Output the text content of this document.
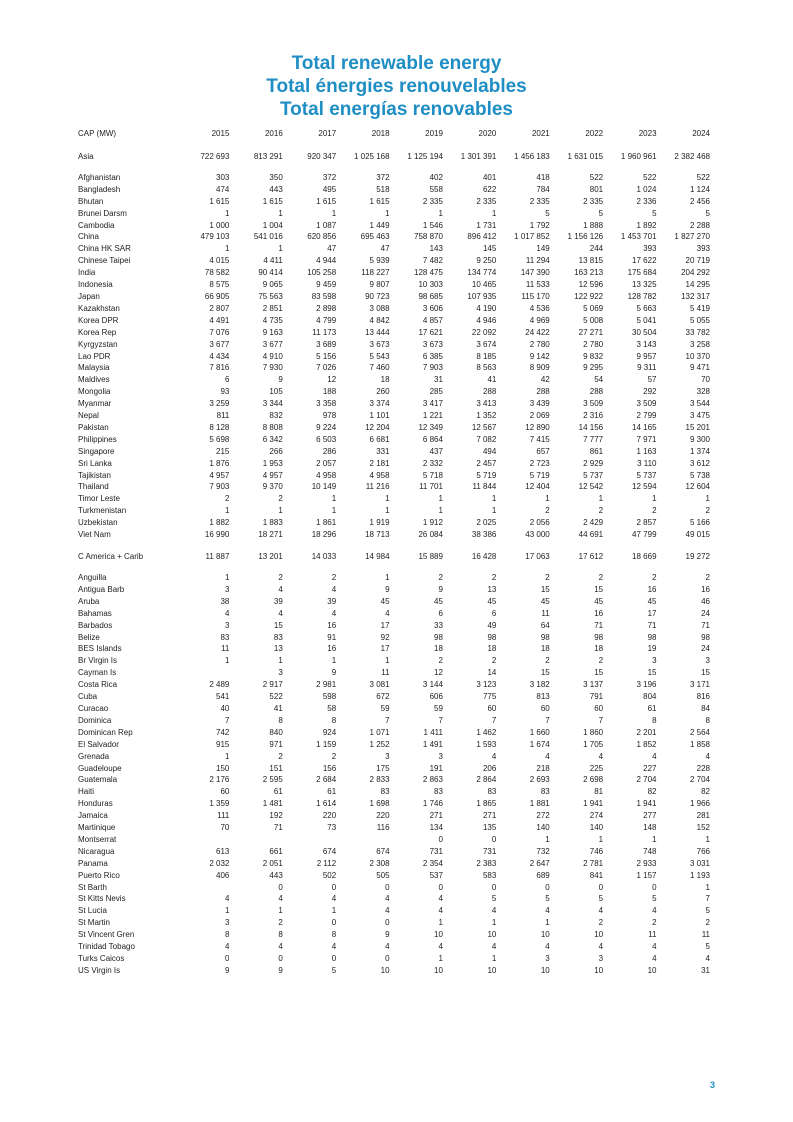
Total renewable energy
Total énergies renouvelables
Total energías renovables
CAP (MW)	2015	2016	2017	2018	2019	2020	2021	2022	2023	2024
Asia	722 693	813 291	920 347	1 025 168	1 125 194	1 301 391	1 456 183	1 631 015	1 960 961	2 382 468

Afghanistan	303	350	372	372	402	401	418	522	522	522
Bangladesh	474	443	495	518	558	622	784	801	1 024	1 124
Bhutan	1 615	1 615	1 615	1 615	2 335	2 335	2 335	2 335	2 336	2 456
Brunei Darsm	1	1	1	1	1	1	5	5	5	5
Cambodia	1 000	1 004	1 087	1 449	1 546	1 731	1 792	1 888	1 892	2 288
China	479 103	541 016	620 856	695 463	758 870	896 412	1 017 852	1 156 126	1 453 701	1 827 270
China HK SAR	1	1	47	47	143	145	149	244	393	393
Chinese Taipei	4 015	4 411	4 944	5 939	7 482	9 250	11 294	13 815	17 622	20 719
India	78 582	90 414	105 258	118 227	128 475	134 774	147 390	163 213	175 684	204 292
Indonesia	8 575	9 065	9 459	9 807	10 303	10 465	11 533	12 596	13 325	14 295
Japan	66 905	75 563	83 598	90 723	98 685	107 935	115 170	122 922	128 782	132 317
Kazakhstan	2 807	2 851	2 898	3 088	3 606	4 190	4 536	5 069	5 663	5 419
Korea DPR	4 491	4 735	4 799	4 842	4 857	4 946	4 969	5 008	5 041	5 055
Korea Rep	7 076	9 163	11 173	13 444	17 621	22 092	24 422	27 271	30 504	33 782
Kyrgyzstan	3 677	3 677	3 689	3 673	3 673	3 674	2 780	2 780	3 143	3 258
Lao PDR	4 434	4 910	5 156	5 543	6 385	8 185	9 142	9 832	9 957	10 370
Malaysia	7 816	7 930	7 026	7 460	7 903	8 563	8 909	9 295	9 311	9 471
Maldives	6	9	12	18	31	41	42	54	57	70
Mongolia	93	105	188	260	285	288	288	288	292	328
Myanmar	3 259	3 344	3 358	3 374	3 417	3 413	3 439	3 509	3 509	3 544
Nepal	811	832	978	1 101	1 221	1 352	2 069	2 316	2 799	3 475
Pakistan	8 128	8 808	9 224	12 204	12 349	12 567	12 890	14 156	14 165	15 201
Philippines	5 698	6 342	6 503	6 681	6 864	7 082	7 415	7 777	7 971	9 300
Singapore	215	266	286	331	437	494	657	861	1 163	1 374
Sri Lanka	1 876	1 953	2 057	2 181	2 332	2 457	2 723	2 929	3 110	3 612
Tajikistan	4 957	4 957	4 958	4 958	5 718	5 719	5 719	5 737	5 737	5 738
Thailand	7 903	9 370	10 149	11 216	11 701	11 844	12 404	12 542	12 594	12 604
Timor Leste	2	2	1	1	1	1	1	1	1	1
Turkmenistan	1	1	1	1	1	1	2	2	2	2
Uzbekistan	1 882	1 883	1 861	1 919	1 912	2 025	2 056	2 429	2 857	5 166
Viet Nam	16 990	18 271	18 296	18 713	26 084	38 386	43 000	44 691	47 799	49 015

C America + Carib	11 887	13 201	14 033	14 984	15 889	16 428	17 063	17 612	18 669	19 272

Anguilla	1	2	2	1	2	2	2	2	2	2
Antigua Barb	3	4	4	9	9	13	15	15	16	16
Aruba	38	39	39	45	45	45	45	45	45	46
Bahamas	4	4	4	4	6	6	11	16	17	24
Barbados	3	15	16	17	33	49	64	71	71	71
Belize	83	83	91	92	98	98	98	98	98	98
BES Islands	11	13	16	17	18	18	18	18	19	24
Br Virgin Is	1	1	1	1	2	2	2	2	3	3
Cayman Is		3	9	11	12	14	15	15	15	15
Costa Rica	2 489	2 917	2 981	3 081	3 144	3 123	3 182	3 137	3 196	3 171
Cuba	541	522	598	672	606	775	813	791	804	816
Curacao	40	41	58	59	59	60	60	60	61	84
Dominica	7	8	8	7	7	7	7	7	8	8
Dominican Rep	742	840	924	1 071	1 411	1 462	1 660	1 860	2 201	2 564
El Salvador	915	971	1 159	1 252	1 491	1 593	1 674	1 705	1 852	1 858
Grenada	1	2	2	3	3	4	4	4	4	4
Guadeloupe	150	151	156	175	191	206	218	225	227	228
Guatemala	2 176	2 595	2 684	2 833	2 863	2 864	2 693	2 698	2 704	2 704
Haiti	60	61	61	83	83	83	83	81	82	82
Honduras	1 359	1 481	1 614	1 698	1 746	1 865	1 881	1 941	1 941	1 966
Jamaica	111	192	220	220	271	271	272	274	277	281
Martinique	70	71	73	116	134	135	140	140	148	152
Montserrat					0	0	1	1	1	1
Nicaragua	613	661	674	674	731	731	732	746	748	766
Panama	2 032	2 051	2 112	2 308	2 354	2 383	2 647	2 781	2 933	3 031
Puerto Rico	406	443	502	505	537	583	689	841	1 157	1 193
St Barth		0	0	0	0	0	0	0	0	1
St Kitts Nevis	4	4	4	4	4	5	5	5	5	7
St Lucia	1	1	1	4	4	4	4	4	4	5
St Martin	3	2	0	0	1	1	1	2	2	2
St Vincent Gren	8	8	8	9	10	10	10	10	11	11
Trinidad Tobago	4	4	4	4	4	4	4	4	4	5
Turks Caicos	0	0	0	0	1	1	3	3	4	4
US Virgin Is	9	9	5	10	10	10	10	10	10	31
3
